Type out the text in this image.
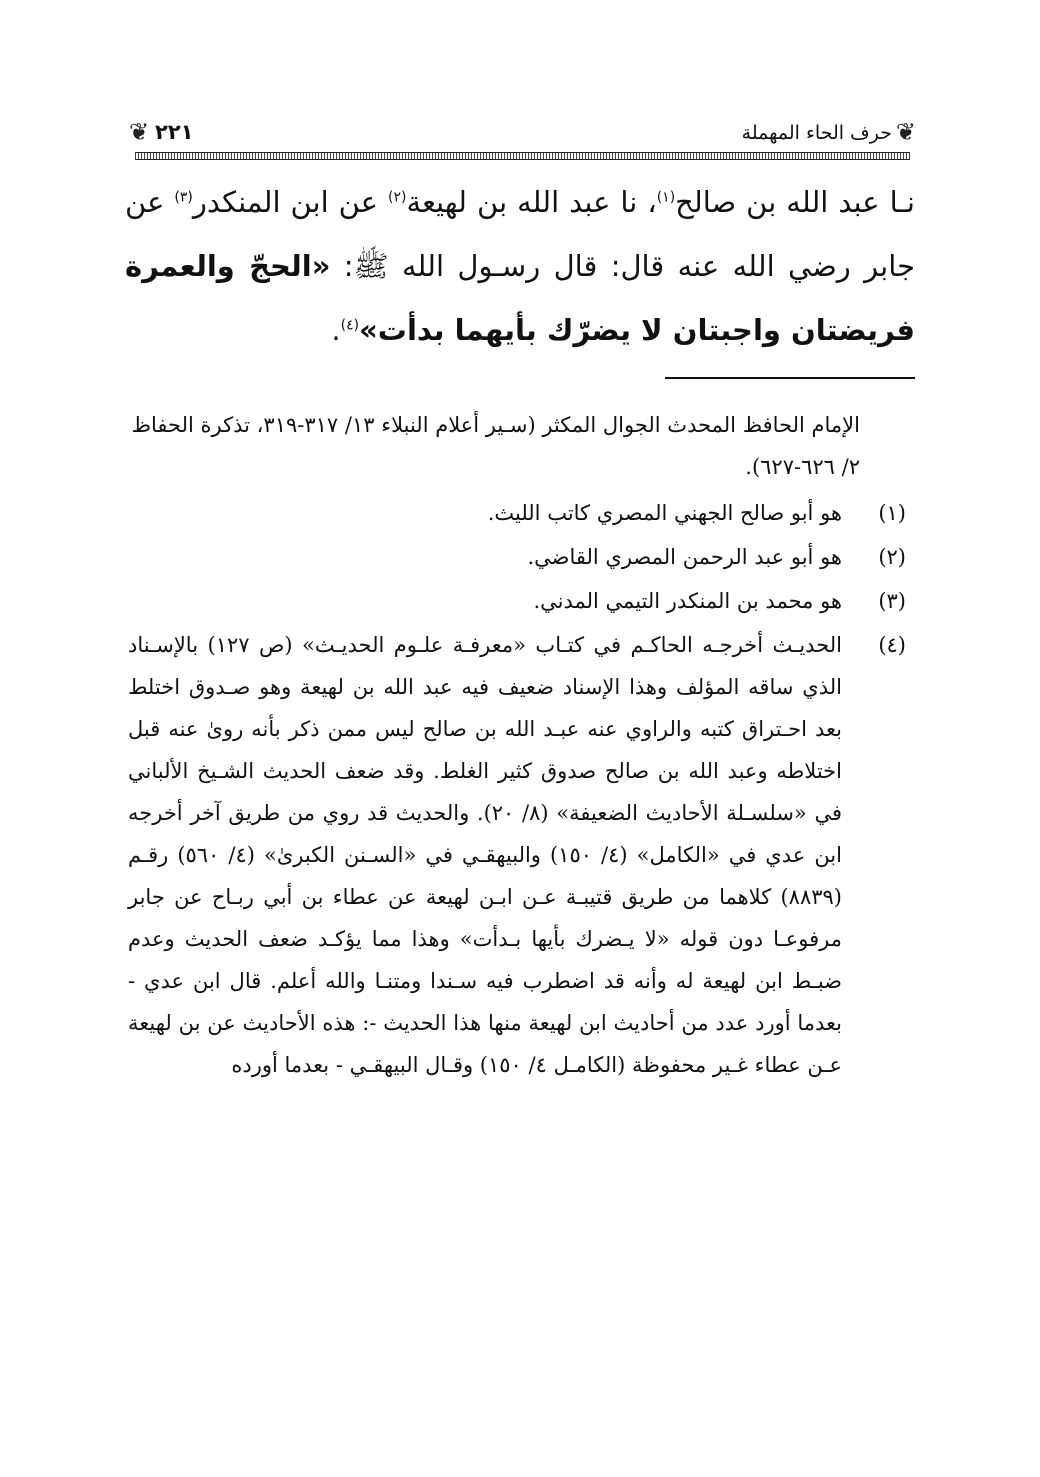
❦
حرف الحاء المهملة
٢٢١
❦

نـا عبد الله بن صالح$^{(١)}$، نا عبد الله بن لهيعة$^{(٢)}$ عن ابن المنكدر$^{(٣)}$ عن جابر رضي الله عنه قال: قال رسـول الله ﷺ: «الحجّ والعمرة فريضتان واجبتان لا يضرّك بأيهما بدأت»$^{(٤)}$.

الإمام الحافظ المحدث الجوال المكثر (سـير أعلام النبلاء ١٣/ ٣١٧-٣١٩، تذكرة الحفاظ ٢/ ٦٢٦-٦٢٧).

(١)
هو أبو صالح الجهني المصري كاتب الليث.
(٢)
هو أبو عبد الرحمن المصري القاضي.
(٣)
هو محمد بن المنكدر التيمي المدني.
(٤)
الحديـث أخرجـه الحاكـم في كتـاب «معرفـة علـوم الحديـث» (ص ١٢٧) بالإسـناد الذي ساقه المؤلف وهذا الإسناد ضعيف فيه عبد الله بن لهيعة وهو صـدوق اختلط بعد احـتراق كتبه والراوي عنه عبـد الله بن صالح ليس ممن ذكر بأنه روىٰ عنه قبل اختلاطه وعبد الله بن صالح صدوق كثير الغلط. وقد ضعف الحديث الشـيخ الألباني في «سلسـلة الأحاديث الضعيفة» (٨/ ٢٠). والحديث قد روي من طريق آخر أخرجه ابن عدي في «الكامل» (٤/ ١٥٠) والبيهقـي في «السـنن الكبرىٰ» (٤/ ٥٦٠) رقـم (٨٨٣٩) كلاهما من طريق قتيبـة عـن ابـن لهيعة عن عطاء بن أبي ربـاح عن جابر مرفوعـا دون قوله «لا يـضرك بأيها بـدأت» وهذا مما يؤكـد ضعف الحديث وعدم ضبـط ابن لهيعة له وأنه قد اضطرب فيه سـندا ومتنـا والله أعلم. قال ابن عدي - بعدما أورد عدد من أحاديث ابن لهيعة منها هذا الحديث -: هذه الأحاديث عن بن لهيعة عـن عطاء غـير محفوظة (الكامـل ٤/ ١٥٠) وقـال البيهقـي - بعدما أورده
